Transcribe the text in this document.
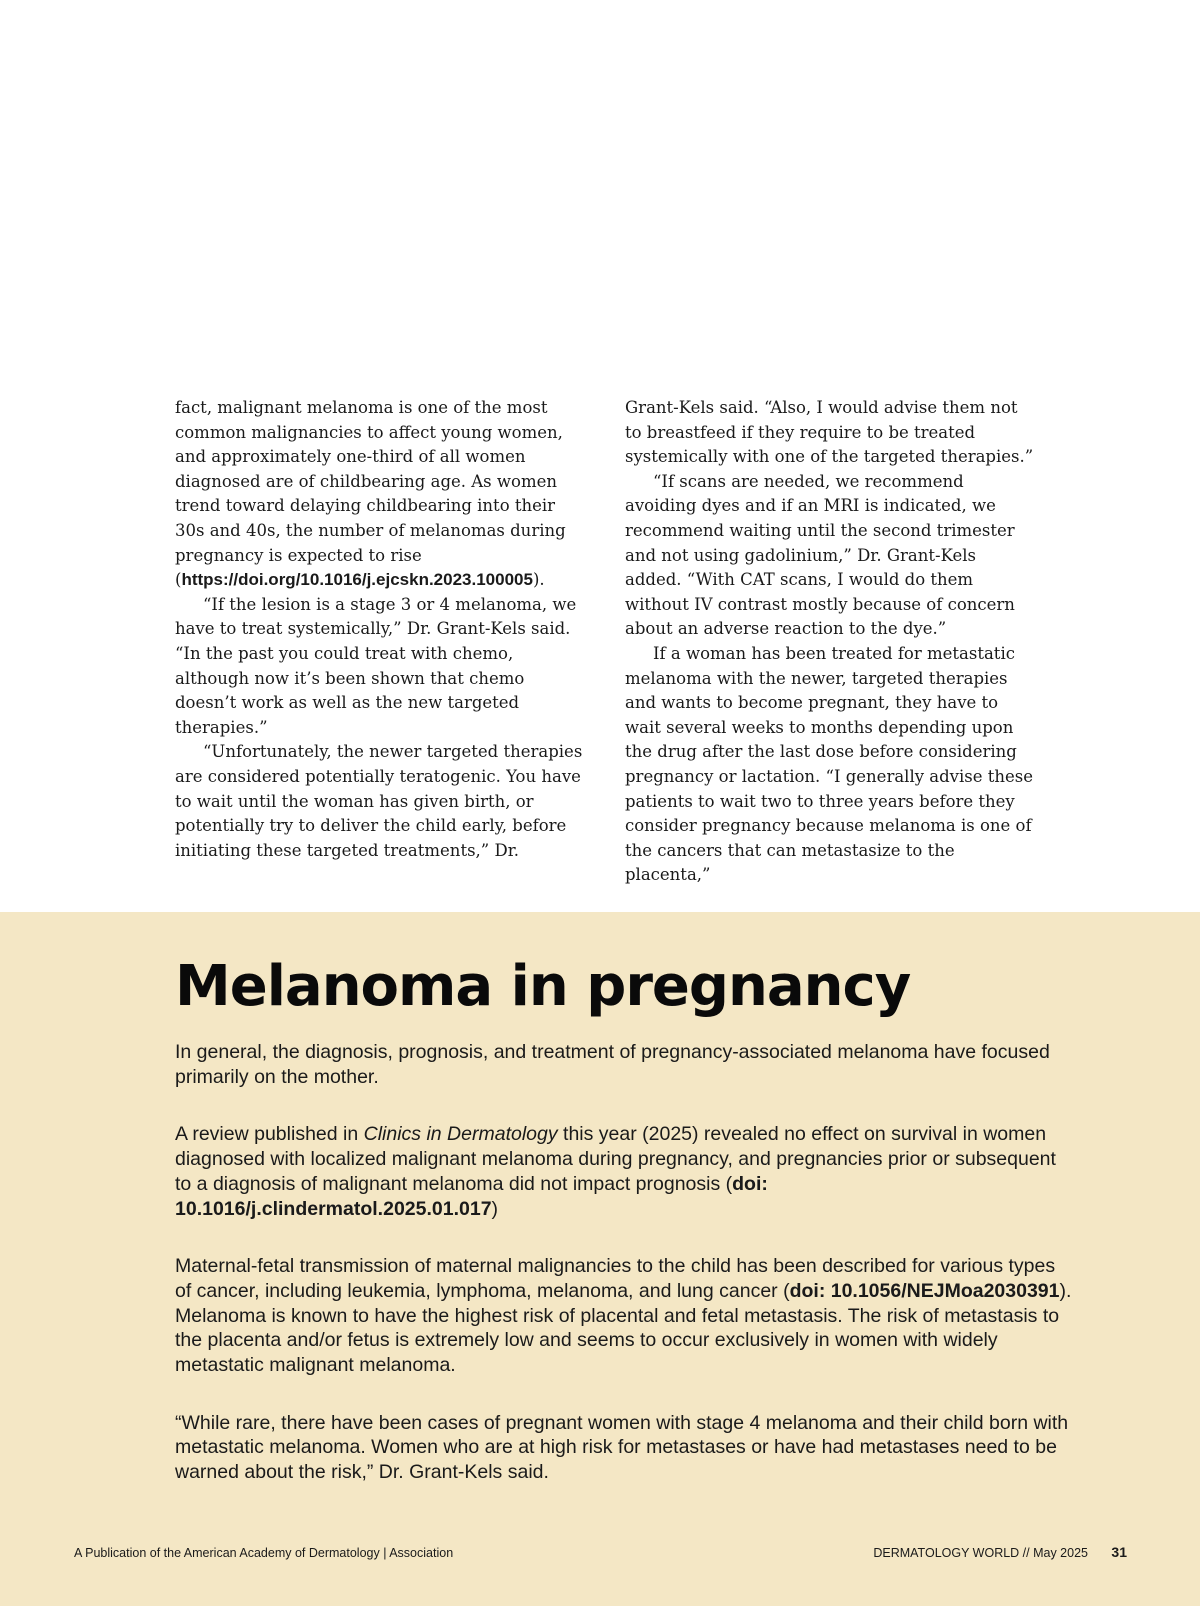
fact, malignant melanoma is one of the most common malignancies to affect young women, and approximately one-third of all women diagnosed are of childbearing age. As women trend toward delaying childbearing into their 30s and 40s, the number of melanomas during pregnancy is expected to rise (https://doi.org/10.1016/j.ejcskn.2023.100005).

“If the lesion is a stage 3 or 4 melanoma, we have to treat systemically,” Dr. Grant-Kels said. “In the past you could treat with chemo, although now it’s been shown that chemo doesn’t work as well as the new targeted therapies.”

“Unfortunately, the newer targeted therapies are considered potentially teratogenic. You have to wait until the woman has given birth, or potentially try to deliver the child early, before initiating these targeted treatments,” Dr.

Grant-Kels said. “Also, I would advise them not to breastfeed if they require to be treated systemically with one of the targeted therapies.”

“If scans are needed, we recommend avoiding dyes and if an MRI is indicated, we recommend waiting until the second trimester and not using gadolinium,” Dr. Grant-Kels added. “With CAT scans, I would do them without IV contrast mostly because of concern about an adverse reaction to the dye.”

If a woman has been treated for metastatic melanoma with the newer, targeted therapies and wants to become pregnant, they have to wait several weeks to months depending upon the drug after the last dose before considering pregnancy or lactation. “I generally advise these patients to wait two to three years before they consider pregnancy because melanoma is one of the cancers that can metastasize to the placenta,”

Melanoma in pregnancy

In general, the diagnosis, prognosis, and treatment of pregnancy-associated melanoma have focused primarily on the mother.

A review published in Clinics in Dermatology this year (2025) revealed no effect on survival in women diagnosed with localized malignant melanoma during pregnancy, and pregnancies prior or subsequent to a diagnosis of malignant melanoma did not impact prognosis (doi: 10.1016/j.clindermatol.2025.01.017)

Maternal-fetal transmission of maternal malignancies to the child has been described for various types of cancer, including leukemia, lymphoma, melanoma, and lung cancer (doi: 10.1056/NEJMoa2030391). Melanoma is known to have the highest risk of placental and fetal metastasis. The risk of metastasis to the placenta and/or fetus is extremely low and seems to occur exclusively in women with widely metastatic malignant melanoma.

“While rare, there have been cases of pregnant women with stage 4 melanoma and their child born with metastatic melanoma. Women who are at high risk for metastases or have had metastases need to be warned about the risk,” Dr. Grant-Kels said.

A Publication of the American Academy of Dermatology | Association	DERMATOLOGY WORLD // May 2025 31
